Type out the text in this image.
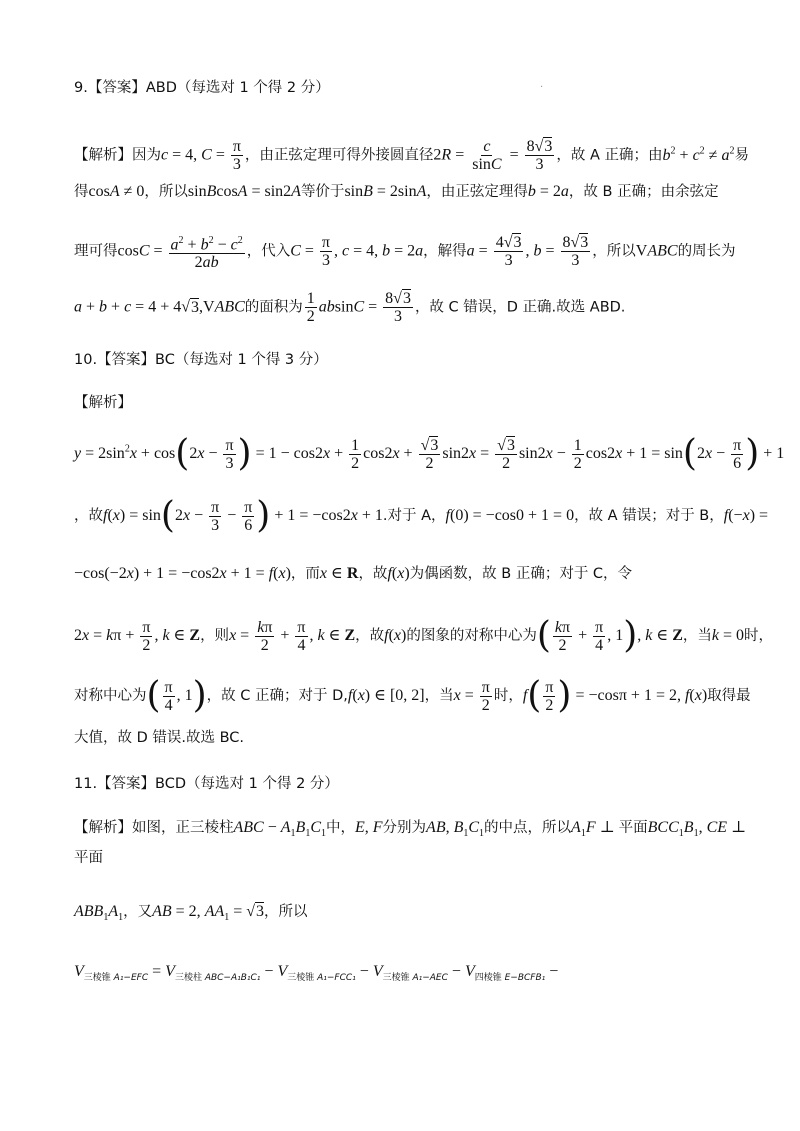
·
9.【答案】ABD（每选对 1 个得 2 分）
【解析】因为c = 4, $C = \frac{\pi}{3}$ ，由正弦定理可得外接圆直径$2R = \frac{c}{\sin C} = \frac{8√3}{3}$ ，故 A 正确；由$b^2 + c^2 \ne a^2$易
得cosA ≠ 0，所以sinBcosA = sin2A等价于sinB = 2sinA，由正弦定理得b = 2a，故 B 正确；由余弦定
理可得$\cos C = \frac{a^2 + b^2 - c^2}{2ab}$ ，代入$C = \frac{\pi}{3}$ , c = 4, b = 2a，解得$a = \frac{4√3}{3}$ , $b = \frac{8√3}{3}$ ，所以VABC的周长为
a + b + c = 4 + 4√3,VABC的面积为 $\frac{1}{2}$ $absinC = \frac{8√3}{3}$ ，故 C 错误，D 正确.故选 ABD.
10.【答案】BC（每选对 1 个得 3 分）
【解析】
$y = 2\sin^2x + \cos(2x - \frac{\pi}{3}$ ) = $1 - \cos 2x + \frac{1}{2} \cos 2x + \frac{√3}{2} \sin 2x = \frac{√3}{2} \sin 2x - \frac{1}{2} \cos 2x + 1 = \sin(2x - \frac{\pi}{6}$ ) + 1
，故$f(x) = \sin(2x - \frac{\pi}{3} - \frac{\pi}{6}$ ) + 1 = −cos2x + 1.对于 A，f(0) = −cos0 + 1 = 0，故 A 错误；对于 B，f(−x) =
−cos(−2x) + 1 = −cos2x + 1 = f(x)，而x ∈ R，故f(x)为偶函数，故 B 正确；对于 C，令
$2x = k\pi + \frac{\pi}{2}$ , k ∈ Z，则$x = \frac{k\pi}{2} + \frac{\pi}{4}$ , k ∈ Z，故f(x)的图象的对称中心为( $\frac{k\pi}{2} + \frac{\pi}{4}$ , 1), k ∈ Z，当k = 0时，
对称中心为( $\frac{\pi}{4}$ , 1)，故 C 正确；对于 D,f(x) ∈ [0, 2]，当$x = \frac{\pi}{2}$ 时，$f( \frac{\pi}{2}$ ) = −cosπ + 1 = 2, f(x)取得最
大值，故 D 错误.故选 BC.
11.【答案】BCD（每选对 1 个得 2 分）
【解析】如图，正三棱柱ABC − $A_1B_1C_1$中，E, F分别为AB, $B_1C_1$的中点，所以$A_1F$ ⊥ 平面$BCC_1B_1$, CE ⊥
平面
$ABB_1A_1$，又AB = 2, $AA_1 = √3$，所以
$V_{三棱锥 A_1-EFC} = V_{三棱柱 ABC-A_1B_1C_1} - V_{三棱锥 A_1-FCC_1} - V_{三棱锥 A_1-AEC} - V_{四棱锥 E-BCFB_1}$ −
